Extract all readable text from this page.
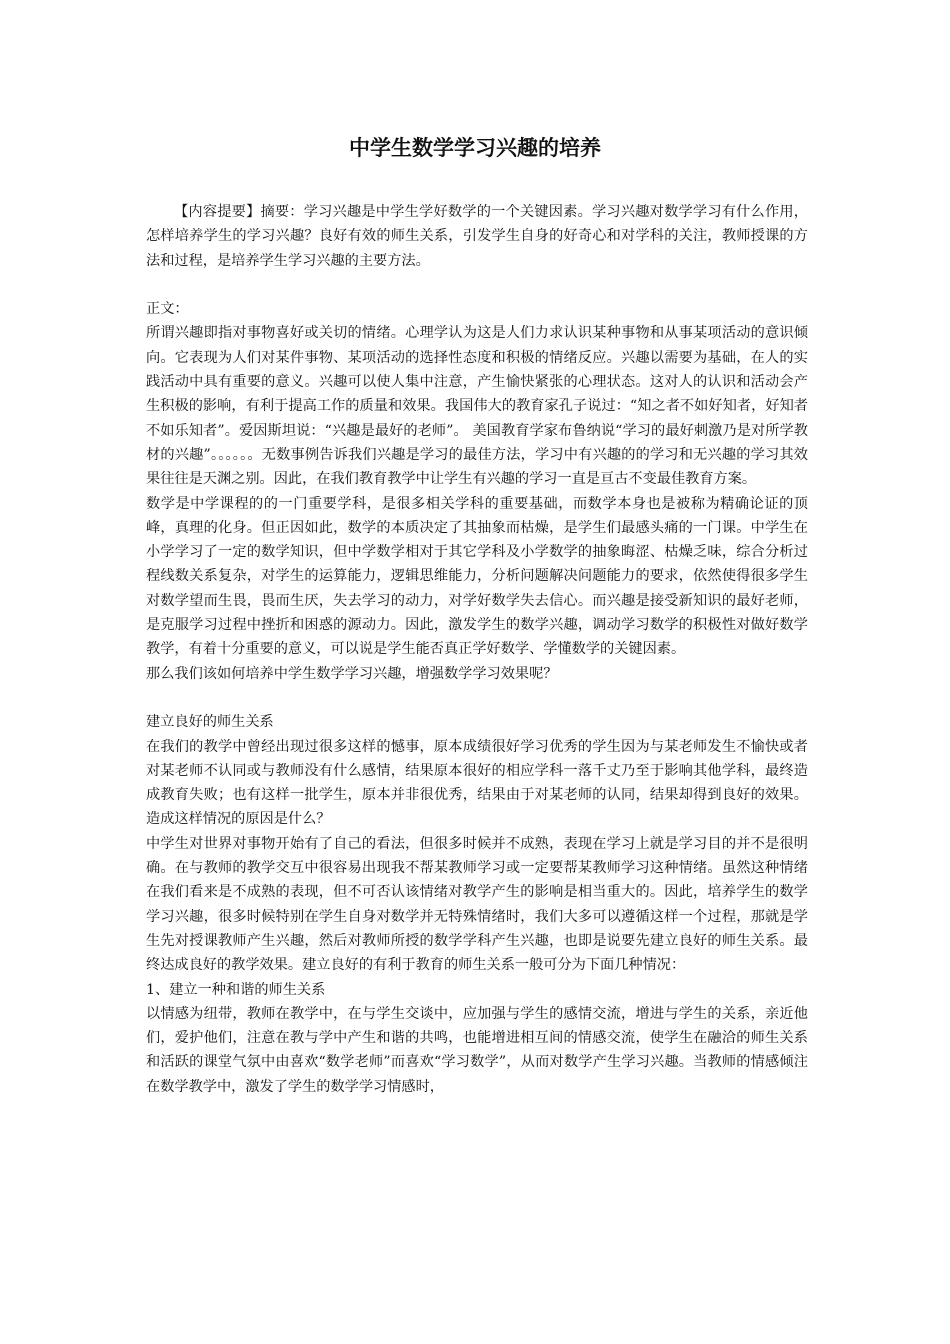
中学生数学学习兴趣的培养

【内容提要】摘要：学习兴趣是中学生学好数学的一个关键因素。学习兴趣对数学学习有什么作用，怎样培养学生的学习兴趣？良好有效的师生关系，引发学生自身的好奇心和对学科的关注，教师授课的方法和过程，是培养学生学习兴趣的主要方法。

正文：

所谓兴趣即指对事物喜好或关切的情绪。心理学认为这是人们力求认识某种事物和从事某项活动的意识倾向。它表现为人们对某件事物、某项活动的选择性态度和积极的情绪反应。兴趣以需要为基础，在人的实践活动中具有重要的意义。兴趣可以使人集中注意，产生愉快紧张的心理状态。这对人的认识和活动会产生积极的影响，有利于提高工作的质量和效果。我国伟大的教育家孔子说过：“知之者不如好知者，好知者不如乐知者”。爱因斯坦说：“兴趣是最好的老师”。 美国教育学家布鲁纳说“学习的最好刺激乃是对所学教材的兴趣”。。。。。。无数事例告诉我们兴趣是学习的最佳方法，学习中有兴趣的的学习和无兴趣的学习其效果往往是天渊之别。因此，在我们教育教学中让学生有兴趣的学习一直是亘古不变最佳教育方案。

数学是中学课程的的一门重要学科，是很多相关学科的重要基础，而数学本身也是被称为精确论证的顶峰，真理的化身。但正因如此，数学的本质决定了其抽象而枯燥，是学生们最感头痛的一门课。中学生在小学学习了一定的数学知识，但中学数学相对于其它学科及小学数学的抽象晦涩、枯燥乏味，综合分析过程线数关系复杂，对学生的运算能力，逻辑思维能力，分析问题解决问题能力的要求，依然使得很多学生对数学望而生畏，畏而生厌，失去学习的动力，对学好数学失去信心。而兴趣是接受新知识的最好老师，是克服学习过程中挫折和困惑的源动力。因此，激发学生的数学兴趣，调动学习数学的积极性对做好数学教学，有着十分重要的意义，可以说是学生能否真正学好数学、学懂数学的关键因素。

那么我们该如何培养中学生数学学习兴趣，增强数学学习效果呢？

建立良好的师生关系

在我们的教学中曾经出现过很多这样的憾事，原本成绩很好学习优秀的学生因为与某老师发生不愉快或者对某老师不认同或与教师没有什么感情，结果原本很好的相应学科一落千丈乃至于影响其他学科，最终造成教育失败；也有这样一批学生，原本并非很优秀，结果由于对某老师的认同，结果却得到良好的效果。造成这样情况的原因是什么？

中学生对世界对事物开始有了自己的看法，但很多时候并不成熟，表现在学习上就是学习目的并不是很明确。在与教师的教学交互中很容易出现我不帮某教师学习或一定要帮某教师学习这种情绪。虽然这种情绪在我们看来是不成熟的表现，但不可否认该情绪对教学产生的影响是相当重大的。因此，培养学生的数学学习兴趣，很多时候特别在学生自身对数学并无特殊情绪时，我们大多可以遵循这样一个过程，那就是学生先对授课教师产生兴趣，然后对教师所授的数学学科产生兴趣，也即是说要先建立良好的师生关系。最终达成良好的教学效果。建立良好的有利于教育的师生关系一般可分为下面几种情况：

1、建立一种和谐的师生关系

以情感为纽带，教师在教学中，在与学生交谈中，应加强与学生的感情交流，增进与学生的关系，亲近他们，爱护他们，注意在教与学中产生和谐的共鸣，也能增进相互间的情感交流，使学生在融洽的师生关系和活跃的课堂气氛中由喜欢“数学老师”而喜欢“学习数学”，从而对数学产生学习兴趣。当教师的情感倾注在数学教学中，激发了学生的数学学习情感时，
